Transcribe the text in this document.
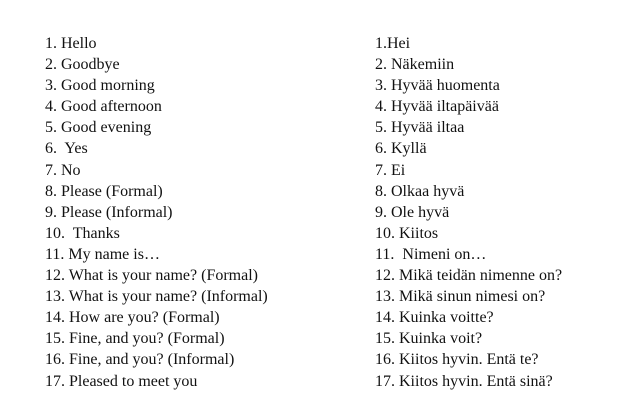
1. Hello
2. Goodbye
3. Good morning
4. Good afternoon
5. Good evening
6.  Yes
7. No
8. Please (Formal)
9. Please (Informal)
10.  Thanks
11. My name is…
12. What is your name? (Formal)
13. What is your name? (Informal)
14. How are you? (Formal)
15. Fine, and you? (Formal)
16. Fine, and you? (Informal)
17. Pleased to meet you
1.Hei
2. Näkemiin
3. Hyvää huomenta
4. Hyvää iltapäivää
5. Hyvää iltaa
6. Kyllä
7. Ei
8. Olkaa hyvä
9. Ole hyvä
10. Kiitos
11.  Nimeni on…
12. Mikä teidän nimenne on?
13. Mikä sinun nimesi on?
14. Kuinka voitte?
15. Kuinka voit?
16. Kiitos hyvin. Entä te?
17. Kiitos hyvin. Entä sinä?
